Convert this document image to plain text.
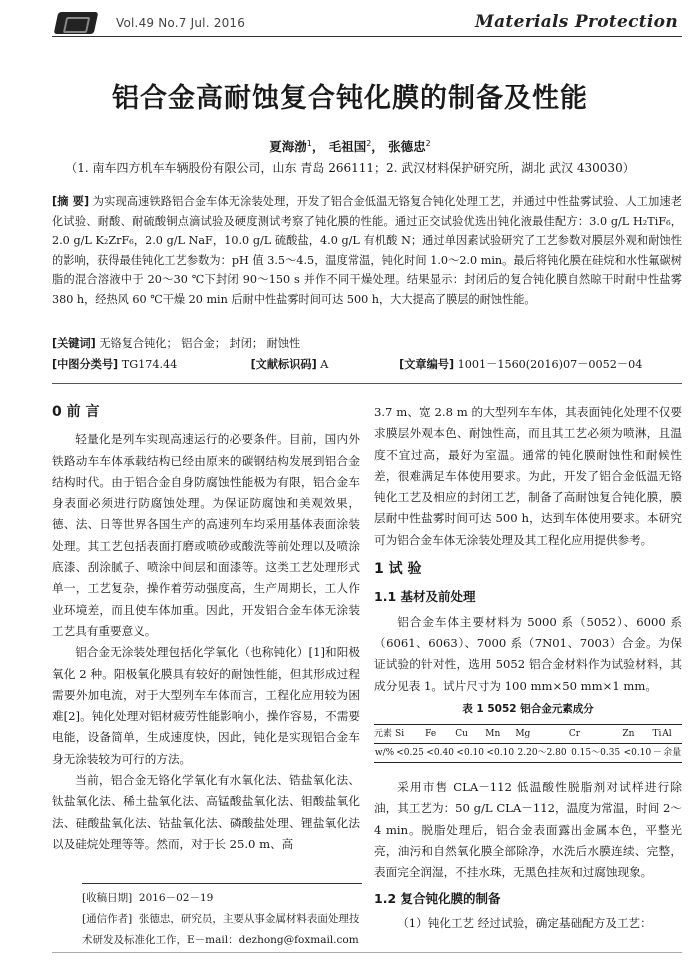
Vol.49 No.7 Jul. 2016	Materials Protection
铝合金高耐蚀复合钝化膜的制备及性能
夏海渤$^1$， 毛祖国$^2$， 张德忠$^2$
（1. 南车四方机车车辆股份有限公司，山东 青岛 266111；2. 武汉材料保护研究所，湖北 武汉 430030）
[摘 要] 为实现高速铁路铝合金车体无涂装处理，开发了铝合金低温无铬复合钝化处理工艺，并通过中性盐雾试验、人工加速老化试验、耐酸、耐硫酸铜点滴试验及硬度测试考察了钝化膜的性能。通过正交试验优选出钝化液最佳配方：3.0 g/L H₂TiF₆，2.0 g/L K₂ZrF₆，2.0 g/L NaF，10.0 g/L 硫酸盐，4.0 g/L 有机酸 N；通过单因素试验研究了工艺参数对膜层外观和耐蚀性的影响，获得最佳钝化工艺参数为：pH 值 3.5～4.5，温度常温，钝化时间 1.0～2.0 min。最后将钝化膜在硅烷和水性氟碳树脂的混合溶液中于 20～30 ℃下封闭 90～150 s 并作不同干燥处理。结果显示：封闭后的复合钝化膜自然晾干时耐中性盐雾 380 h，经热风 60 ℃干燥 20 min 后耐中性盐雾时间可达 500 h，大大提高了膜层的耐蚀性能。
[关键词] 无铬复合钝化； 铝合金； 封闭； 耐蚀性
[中图分类号] TG174.44	[文献标识码] A	[文章编号] 1001－1560(2016)07－0052－04
0 前 言

轻量化是列车实现高速运行的必要条件。目前，国内外铁路动车车体承载结构已经由原来的碳钢结构发展到铝合金结构时代。由于铝合金自身防腐蚀性能极为有限，铝合金车身表面必须进行防腐蚀处理。为保证防腐蚀和美观效果，德、法、日等世界各国生产的高速列车均采用基体表面涂装处理。其工艺包括表面打磨或喷砂或酸洗等前处理以及喷涂底漆、刮涂腻子、喷涂中间层和面漆等。这类工艺处理形式单一，工艺复杂，操作着劳动强度高，生产周期长，工人作业环境差，而且使车体加重。因此，开发铝合金车体无涂装工艺具有重要意义。

铝合金无涂装处理包括化学氧化（也称钝化）[1]和阳极氧化 2 种。阳极氧化膜具有较好的耐蚀性能，但其形成过程需要外加电流，对于大型列车车体而言，工程化应用较为困难[2]。钝化处理对铝材疲劳性能影响小，操作容易，不需要电能，设备简单，生成速度快，因此，钝化是实现铝合金车身无涂装较为可行的方法。

当前，铝合金无铬化学氧化有水氧化法、锆盐氧化法、钛盐氧化法、稀土盐氧化法、高锰酸盐氧化法、钼酸盐氧化法、硅酸盐氧化法、钴盐氧化法、磷酸盐处理、锂盐氧化法以及硅烷处理等等。然而，对于长 25.0 m、高

[收稿日期] 2016－02－19
[通信作者] 张德忠，研究员，主要从事金属材料表面处理技术研发及标准化工作，E－mail：dezhong@foxmail.com

3.7 m、宽 2.8 m 的大型列车车体，其表面钝化处理不仅要求膜层外观本色、耐蚀性高，而且其工艺必须为喷淋，且温度不宜过高，最好为室温。通常的钝化膜耐蚀性和耐候性差，很难满足车体使用要求。为此，开发了铝合金低温无铬钝化工艺及相应的封闭工艺，制备了高耐蚀复合钝化膜，膜层耐中性盐雾时间可达 500 h，达到车体使用要求。本研究可为铝合金车体无涂装处理及其工程化应用提供参考。

1 试 验
1.1 基材及前处理

铝合金车体主要材料为 5000 系（5052）、6000 系（6061、6063）、7000 系（7N01、7003）合金。为保证试验的针对性，选用 5052 铝合金材料作为试验材料，其成分见表 1。试片尺寸为 100 mm×50 mm×1 mm。

表 1 5052 铝合金元素成分
元素	Si	Fe	Cu	Mn	Mg	Cr	Zn	Ti	Al
w/%	<0.25	<0.40	<0.10	<0.10	2.20～2.80	0.15～0.35	<0.10	－	余量

采用市售 CLA－112 低温酸性脱脂剂对试样进行除油，其工艺为：50 g/L CLA－112，温度为常温，时间 2～4 min。脱脂处理后，铝合金表面露出金属本色，平整光亮，油污和自然氧化膜全部除净，水洗后水膜连续、完整，表面完全润湿，不挂水珠，无黑色挂灰和过腐蚀现象。

1.2 复合钝化膜的制备

（1）钝化工艺 经过试验，确定基础配方及工艺：
